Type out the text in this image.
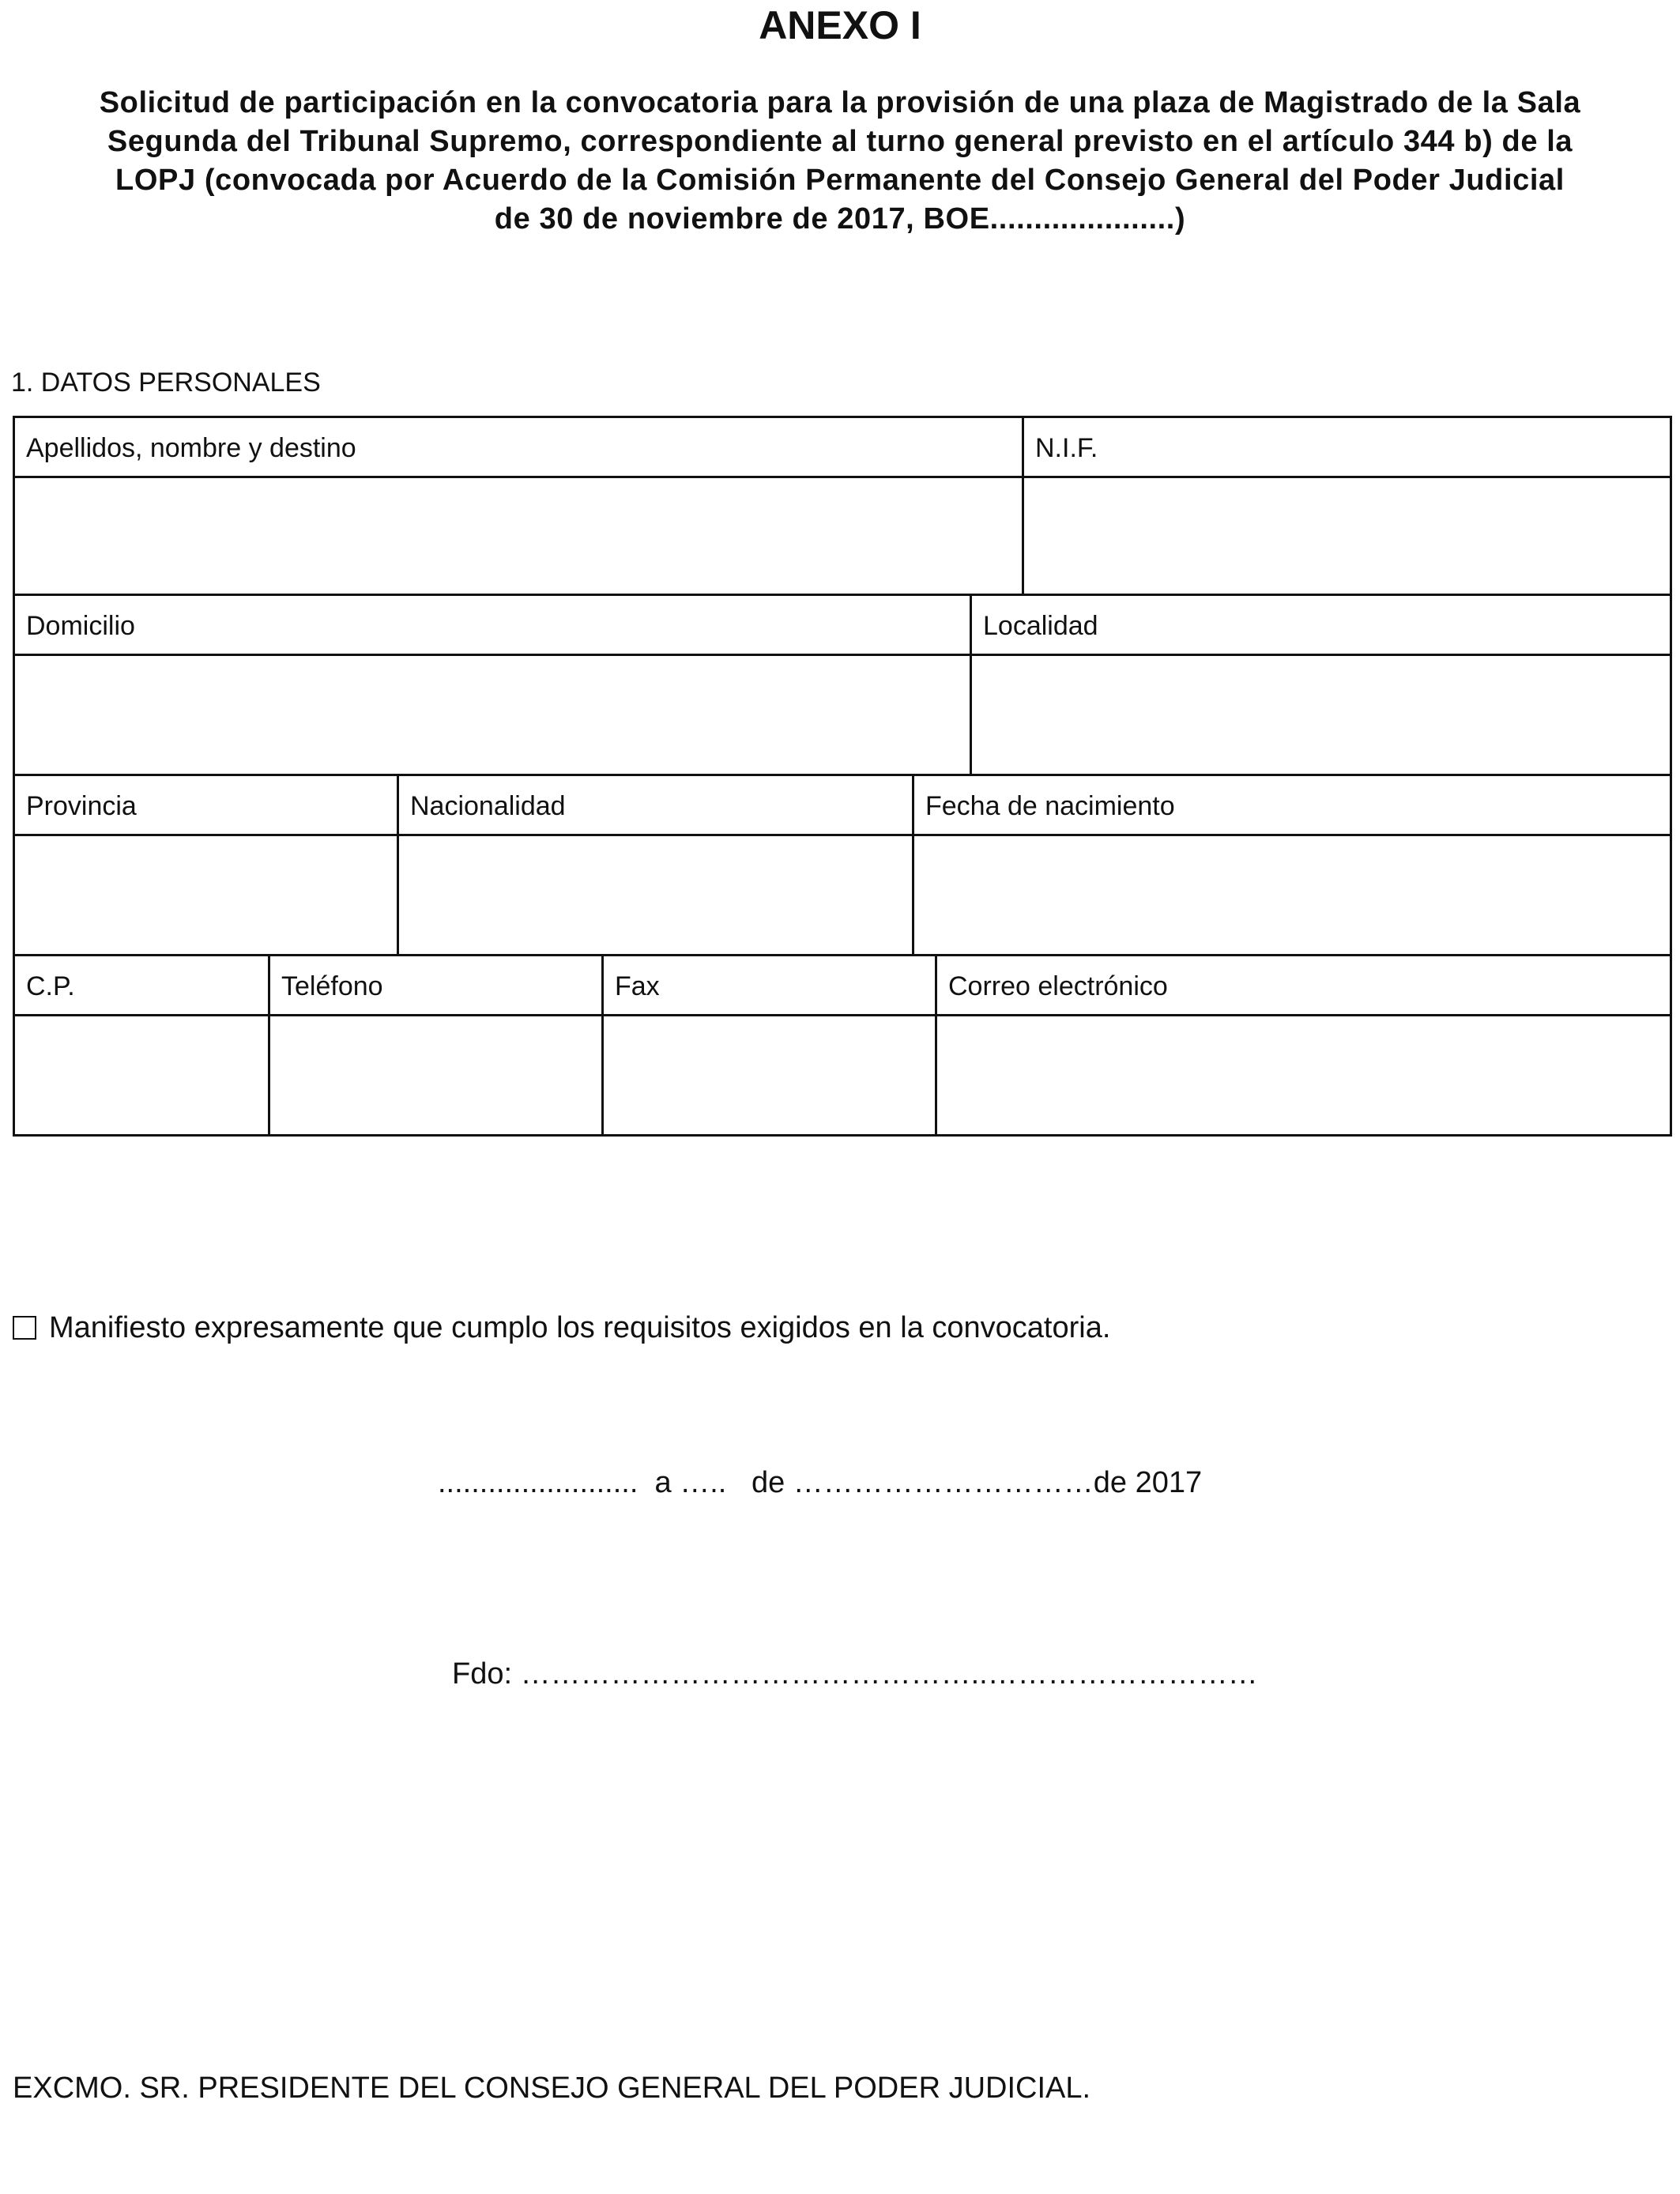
ANEXO I
Solicitud de participación en la convocatoria para la provisión de una plaza de Magistrado de la Sala
Segunda del Tribunal Supremo, correspondiente al turno general previsto en el artículo 344 b) de la
LOPJ (convocada por Acuerdo de la Comisión Permanente del Consejo General del Poder Judicial
de 30 de noviembre de 2017, BOE.....................)
1. DATOS PERSONALES
Apellidos, nombre y destino	N.I.F.
Domicilio	Localidad
Provincia	Nacionalidad	Fecha de nacimiento
C.P.	Teléfono	Fax	Correo electrónico
Manifiesto expresamente que cumplo los requisitos exigidos en la convocatoria.
........................  a …..   de …………………………de 2017
Fdo: ………………………………………..………………………
EXCMO. SR. PRESIDENTE DEL CONSEJO GENERAL DEL PODER JUDICIAL.
